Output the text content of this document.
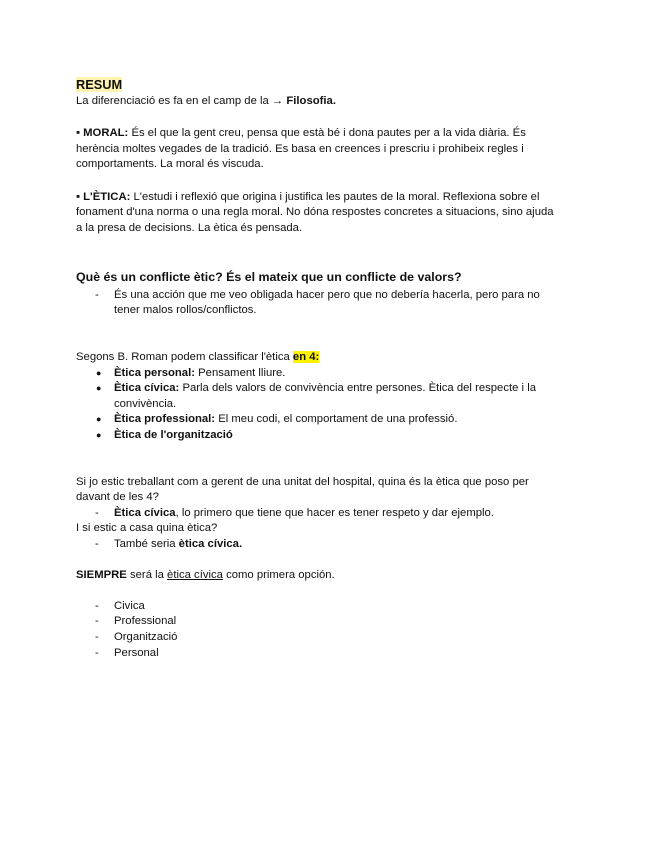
RESUM
La diferenciació es fa en el camp de la → Filosofia.
▪ MORAL: És el que la gent creu, pensa que està bé i dona pautes per a la vida diària. És
herència moltes vegades de la tradició. Es basa en creences i prescriu i prohibeix regles i
comportaments. La moral és viscuda.
▪ L'ÈTICA: L'estudi i reflexió que origina i justifica les pautes de la moral. Reflexiona sobre el
fonament d'una norma o una regla moral. No dóna respostes concretes a situacions, sino ajuda
a la presa de decisions. La ètica és pensada.
Què és un conflicte ètic? És el mateix que un conflicte de valors?
-	És una acción que me veo obligada hacer pero que no debería hacerla, pero para no
tener malos rollos/conflictos.
Segons B. Roman podem classificar l'ètica en 4:
●	Ètica personal: Pensament lliure.
●	Ètica cívica: Parla dels valors de convivència entre persones. Ètica del respecte i la
convivència.
●	Ètica professional: El meu codi, el comportament de una professió.
●	Ètica de l'organització
Si jo estic treballant com a gerent de una unitat del hospital, quina és la ètica que poso per
davant de les 4?
-	Ètica cívica, lo primero que tiene que hacer es tener respeto y dar ejemplo.
I si estic a casa quina ètica?
-	També seria ètica cívica.
SIEMPRE será la ètica cívica como primera opción.
-	Civica
-	Professional
-	Organització
-	Personal
